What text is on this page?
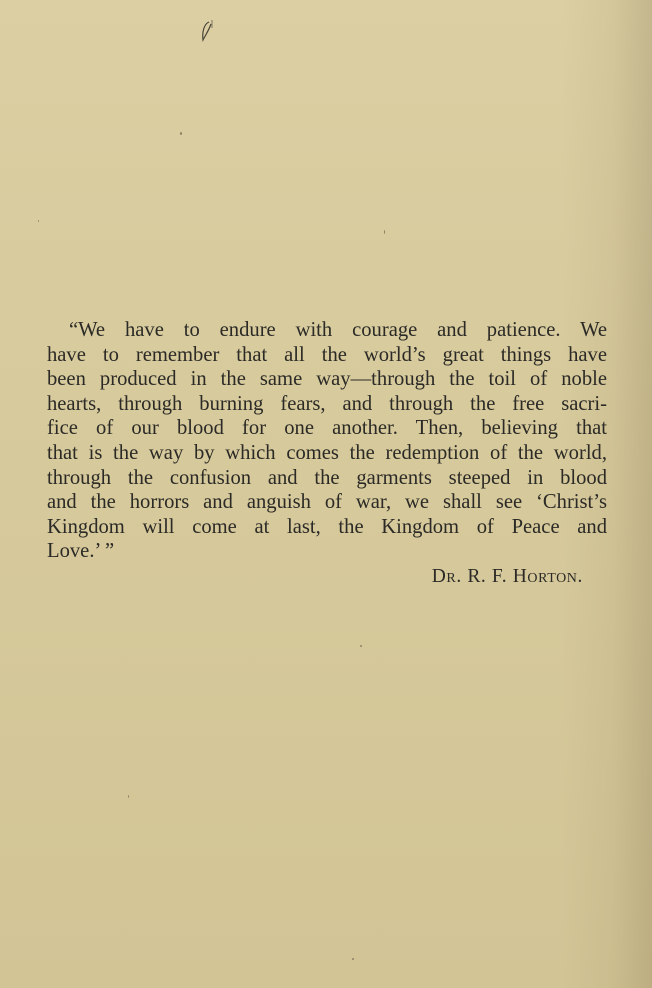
“We have to endure with courage and patience. We
have to remember that all the world’s great things have
been produced in the same way—through the toil of noble
hearts, through burning fears, and through the free sacri-
fice of our blood for one another. Then, believing that
that is the way by which comes the redemption of the world,
through the confusion and the garments steeped in blood
and the horrors and anguish of war, we shall see ‘Christ’s
Kingdom will come at last, the Kingdom of Peace and
Love.’ ”

Dr. R. F. Horton.
